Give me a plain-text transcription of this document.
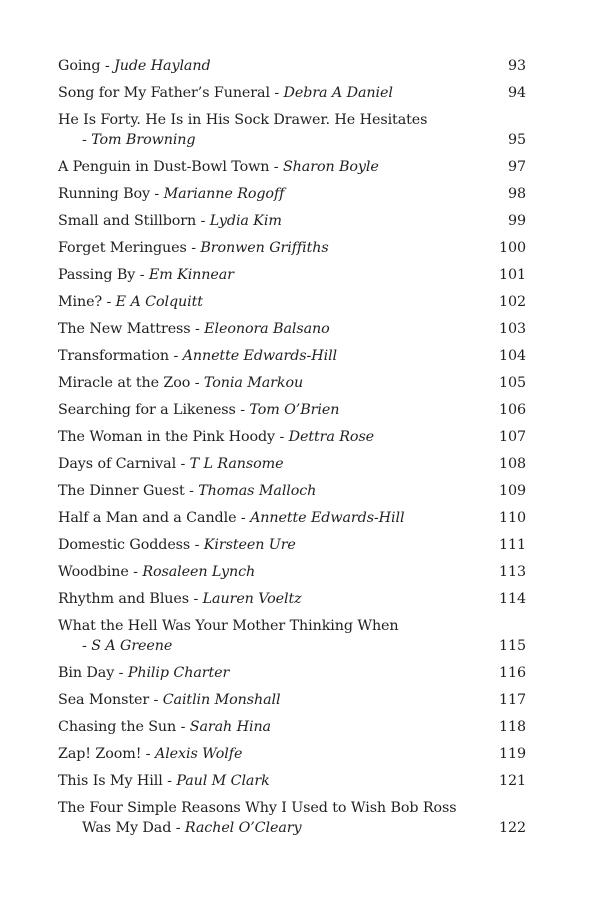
Going - Jude Hayland	93
Song for My Father’s Funeral - Debra A Daniel	94
He Is Forty. He Is in His Sock Drawer. He Hesitates
- Tom Browning	95
A Penguin in Dust-Bowl Town - Sharon Boyle	97
Running Boy - Marianne Rogoff	98
Small and Stillborn - Lydia Kim	99
Forget Meringues - Bronwen Griffiths	100
Passing By - Em Kinnear	101
Mine? - E A Colquitt	102
The New Mattress - Eleonora Balsano	103
Transformation - Annette Edwards-Hill	104
Miracle at the Zoo - Tonia Markou	105
Searching for a Likeness - Tom O’Brien	106
The Woman in the Pink Hoody - Dettra Rose	107
Days of Carnival - T L Ransome	108
The Dinner Guest - Thomas Malloch	109
Half a Man and a Candle - Annette Edwards-Hill	110
Domestic Goddess - Kirsteen Ure	111
Woodbine - Rosaleen Lynch	113
Rhythm and Blues - Lauren Voeltz	114
What the Hell Was Your Mother Thinking When
- S A Greene	115
Bin Day - Philip Charter	116
Sea Monster - Caitlin Monshall	117
Chasing the Sun - Sarah Hina	118
Zap! Zoom! - Alexis Wolfe	119
This Is My Hill - Paul M Clark	121
The Four Simple Reasons Why I Used to Wish Bob Ross
Was My Dad - Rachel O’Cleary	122
